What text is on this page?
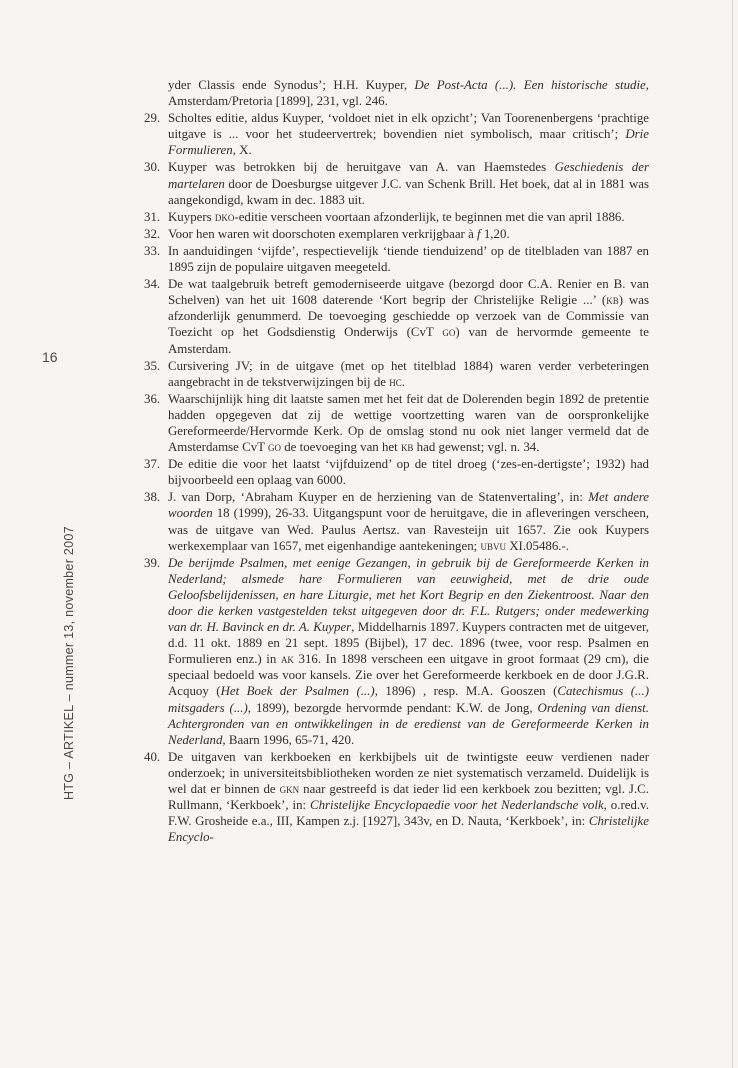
16
HTG – ARTIKEL – nummer 13, november 2007
yder Classis ende Synodus’; H.H. Kuyper, De Post-Acta (...). Een historische studie, Amsterdam/Pretoria [1899], 231, vgl. 246.
29. Scholtes editie, aldus Kuyper, ‘voldoet niet in elk opzicht’; Van Toorenenbergens ‘prachtige uitgave is ... voor het studeervertrek; bovendien niet symbolisch, maar critisch’; Drie Formulieren, X.
30. Kuyper was betrokken bij de heruitgave van A. van Haemstedes Geschiedenis der martelaren door de Doesburgse uitgever J.C. van Schenk Brill. Het boek, dat al in 1881 was aangekondigd, kwam in dec. 1883 uit.
31. Kuypers dko-editie verscheen voortaan afzonderlijk, te beginnen met die van april 1886.
32. Voor hen waren wit doorschoten exemplaren verkrijgbaar à f 1,20.
33. In aanduidingen ‘vijfde’, respectievelijk ‘tiende tienduizend’ op de titelbladen van 1887 en 1895 zijn de populaire uitgaven meegeteld.
34. De wat taalgebruik betreft gemoderniseerde uitgave (bezorgd door C.A. Renier en B. van Schelven) van het uit 1608 daterende ‘Kort begrip der Christelijke Religie ...’ (kb) was afzonderlijk genummerd. De toevoeging geschiedde op verzoek van de Commissie van Toezicht op het Godsdienstig Onderwijs (CvT go) van de hervormde gemeente te Amsterdam.
35. Cursivering JV; in de uitgave (met op het titelblad 1884) waren verder verbeteringen aangebracht in de tekstverwijzingen bij de hc.
36. Waarschijnlijk hing dit laatste samen met het feit dat de Dolerenden begin 1892 de pretentie hadden opgegeven dat zij de wettige voortzetting waren van de oorspronkelijke Gereformeerde/Hervormde Kerk. Op de omslag stond nu ook niet langer vermeld dat de Amsterdamse CvT go de toevoeging van het kb had gewenst; vgl. n. 34.
37. De editie die voor het laatst ‘vijfduizend’ op de titel droeg (‘zes-en-dertigste’; 1932) had bijvoorbeeld een oplaag van 6000.
38. J. van Dorp, ‘Abraham Kuyper en de herziening van de Statenvertaling’, in: Met andere woorden 18 (1999), 26-33. Uitgangspunt voor de heruitgave, die in afleveringen verscheen, was de uitgave van Wed. Paulus Aertsz. van Ravesteijn uit 1657. Zie ook Kuypers werkexemplaar van 1657, met eigenhandige aantekeningen; ubvu XI.05486.-.
39. De berijmde Psalmen, met eenige Gezangen, in gebruik bij de Gereformeerde Kerken in Nederland; alsmede hare Formulieren van eeuwigheid, met de drie oude Geloofsbelijdenissen, en hare Liturgie, met het Kort Begrip en den Ziekentroost. Naar den door die kerken vastgestelden tekst uitgegeven door dr. F.L. Rutgers; onder medewerking van dr. H. Bavinck en dr. A. Kuyper, Middelharnis 1897. Kuypers contracten met de uitgever, d.d. 11 okt. 1889 en 21 sept. 1895 (Bijbel), 17 dec. 1896 (twee, voor resp. Psalmen en Formulieren enz.) in ak 316. In 1898 verscheen een uitgave in groot formaat (29 cm), die speciaal bedoeld was voor kansels. Zie over het Gereformeerde kerkboek en de door J.G.R. Acquoy (Het Boek der Psalmen (...), 1896) , resp. M.A. Gooszen (Catechismus (...) mitsgaders (...), 1899), bezorgde hervormde pendant: K.W. de Jong, Ordening van dienst. Achtergronden van en ontwikkelingen in de eredienst van de Gereformeerde Kerken in Nederland, Baarn 1996, 65-71, 420.
40. De uitgaven van kerkboeken en kerkbijbels uit de twintigste eeuw verdienen nader onderzoek; in universiteitsbibliotheken worden ze niet systematisch verzameld. Duidelijk is wel dat er binnen de gkn naar gestreefd is dat ieder lid een kerkboek zou bezitten; vgl. J.C. Rullmann, ‘Kerkboek’, in: Christelijke Encyclopaedie voor het Nederlandsche volk, o.red.v. F.W. Grosheide e.a., III, Kampen z.j. [1927], 343v, en D. Nauta, ‘Kerkboek’, in: Christelijke Encyclo-
